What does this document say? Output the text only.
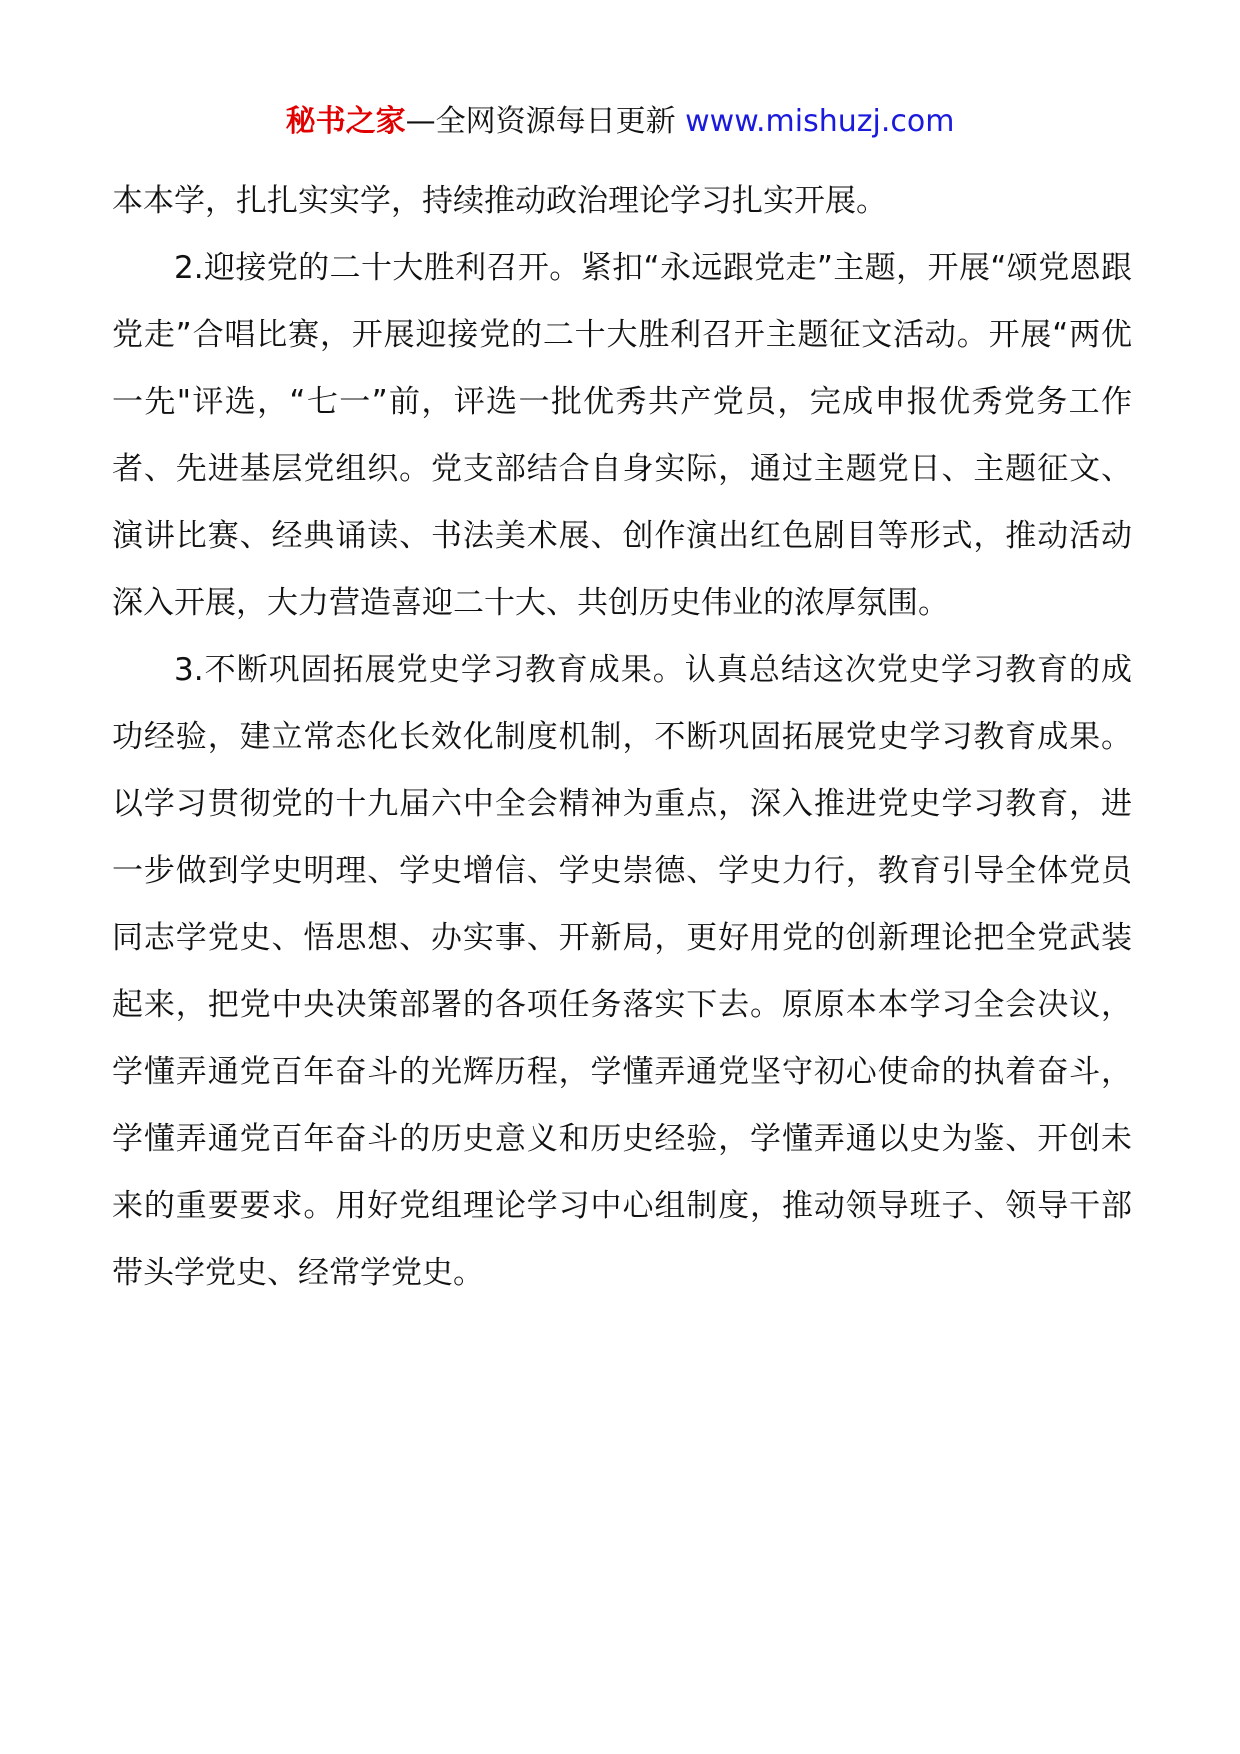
秘书之家—全网资源每日更新 www.mishuzj.com

本本学，扎扎实实学，持续推动政治理论学习扎实开展。

2.迎接党的二十大胜利召开。紧扣“永远跟党走”主题，开展“颂党恩跟党走”合唱比赛，开展迎接党的二十大胜利召开主题征文活动。开展“两优一先"评选，“七一”前，评选一批优秀共产党员，完成申报优秀党务工作者、先进基层党组织。党支部结合自身实际，通过主题党日、主题征文、演讲比赛、经典诵读、书法美术展、创作演出红色剧目等形式，推动活动深入开展，大力营造喜迎二十大、共创历史伟业的浓厚氛围。

3.不断巩固拓展党史学习教育成果。认真总结这次党史学习教育的成功经验，建立常态化长效化制度机制，不断巩固拓展党史学习教育成果。以学习贯彻党的十九届六中全会精神为重点，深入推进党史学习教育，进一步做到学史明理、学史增信、学史崇德、学史力行，教育引导全体党员同志学党史、悟思想、办实事、开新局，更好用党的创新理论把全党武装起来，把党中央决策部署的各项任务落实下去。原原本本学习全会决议，学懂弄通党百年奋斗的光辉历程，学懂弄通党坚守初心使命的执着奋斗，学懂弄通党百年奋斗的历史意义和历史经验，学懂弄通以史为鉴、开创未来的重要要求。用好党组理论学习中心组制度，推动领导班子、领导干部带头学党史、经常学党史。
